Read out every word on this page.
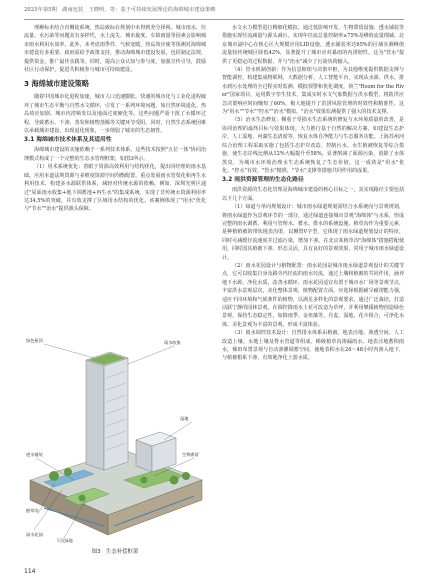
2025年第5期　湖南包装　王晓明，等：基于可持续发展理论的海绵城市建设策略

理褥标末结合直侧徒系统，热岛致标在规划中未得到充分择视。城市雨水、径流量、水污染等问题其有多样性，水土流失、城市旋度、车降雨量等因素会影响城市雨水利用水效率。此外，未考虑雨季件、气候变暖，热岛效应使等预测对海绵城市建设有多重要。政府需给予政策支持，推动海绵城市建设发展，包括制定法规，提供资金，推广最佳实践等。同时，提高公众认知与参与度，加强宣传引导，鼓励社区行动保护，促进共积极参与城市可持续建设。

3 海绵城市建设策略

随着中国城市化进程加速，城市人口迅速膨胀。快速的城市化与工业化进程破坏了城市生态平衡与自然水文循环，引发了一系列环境问题，如自然环境退化、热岛效应加剧、城市内涝频发以及地面过度硬化等。这些问题严重干扰了水循环过程，导致蓄水、下渗、蒸发和植物蒸腾等关键环节受阻。同时，自然生态系统因难以承载城市建设，出现退化现象，一步削弱了城市的生态韧性。

3.1 海绵城市技术体系及其适用性

海绵城市建设的实施依赖于一系列技术体系，这些技术按照"五位一体"协同治理模式构成了一个完整的生态水管理框架，如图3所示。

（1）用术系统优化：着眼于资源高效利用与结构优化，提出同经理的雨水基础。应用本道法规资源与多维度资源空间均衡配置，重点发展雨水管渠化和再生水利用技术，构建多水源联供体系，减轻对传统水源的依赖。例如，深圳光明区通过"屋面雨水收集+地下调蓄池+再生水"的集成系统，实现了非传统水资源利用率达34.5%的突破，并有效支撑了区域用水结构的优化。该案例体现了"用水"优化与"节水""治水"提供源头保障。

水文水力模型进行精细化模拟，通过低影响开发、生物滞留设施、透水铺装等措施实现径流减量与源头减污，实现年径流总量控制率≥75%及峰值流量削减。北京城市副中心在核心区大规模应用LID设施，透水铺装率达65%的区域实测峰值流量较传统城区降低42%，显著提升了城市应对暴雨的内涝韧性。这为"管水"提供了更稳定的过程数据，并与"治水"减少了污染负荷输入。

（4）管水机制创新：作为信息枢纽与决策中枢，为其他维度提供数据支撑与智能调控，构建集成物联网、大数据分析、人工智能平台，实现从水源、供水、排水到污水处理的全过程实时监测、模拟预警和优化调度。荷兰"Room for the River"国家项目，运用数字孪生技术，集成实时水文气象数据与洪水模型，将防洪应急决策响应时间缩短了60%，极大地提升了洪涝风险管理的时效性和精准性。这为"用水""节水""控水""治水"模拟、"治水"效果监测提供了强大的技术支撑。

（5）治水生态修复：侧重于受损水生态系统的修复与水环境质量的改善，是协同治理的最终目标与效果体现。大力推行基于自然的解决方案，如建设生态护岸、人工湿地、河湖生态清淤等，恢复水体自净能力与生态服务功能。上海苏州河综合治理工程采取实施了包括生态护岸改造、控制污水、水生植被恢复等综合措施，使生态岸线比例从12%大幅提升至58%，显著削减了面源污染，消除了水体黑臭，为城市水环境治理水生态系统恢复了生态价值。这一成效是"用水"优化、"控水"有效、"管水"精准、"节水"支撑等措施共同作用的成果。

3.2 雨洪资源管理的生态化路径

雨洪资源的生态化管理是海绵城市建设的核心目标之一，其实现路径主要包括以下几个方面。

（1）绿道与单向规划设计：城市雨水绿道规划需结合水系统向与景观规划，将雨水绿道作为景观环节的一部分，通过绿道连接城市景观"海绵体"与水系，形成完整的雨水调蓄、利用与管理水、蓄水、排水的系统设施。植草沟作为重要元素，是种植植被的带状地表沟渠，以侧置V字型，它体现了雨水绿道规划设计的特征，同时可减缓径流速度并过滤污染，增加下渗。在北京某植草沟"海绵体"措施搭配使用，同时国其植被下渗、形态灵活，具有良好的景观效果，常用于城市雨水绿道设计。

（2）雨水花园设计与植物配置：雨水花园是城市雨水绿道景观设计的关键节点，它可以收集自身及路旁内径流的雨水径流，通过土壤和植被的共同作用，涵养地下水源，净化水质，改善水循环。雨水花园适宜布置于城市水厂场等景观节点，丰富洪水景观层次，美化整体景观，植物配置方面，应选择根据耐旱耐涝能力强，适应不同环境和气候条件的植物，以满足多样化的景观要求，通过广泛栽培，打造活跃宁静的园林景观，在调控降雨水土花可改造为草坪，并利用攀援植物创造绿色景观，保持生态稳定性，如降雨季、金鱼藻等。丹麦、湿地、花卉组合，可净化水体、美化景观为丰富的景观，形成丰富体验。

（3）雨水调控技术设计：自然排水体系由植被、地表洼地、渗透空间、人工改造上壤、水地上壤及脊水管道等组成。梯级植草沟渗漏雨水、地表洼地蓄积雨水，梯田布置景观与自动渗灌调蓄空间，使地表积水在24～48小时内渗入地下，与植被根系下渗，有效地净化上游水质。

绿色屋顶	雨水收集
透水铺装	生物滞留
植草沟
雨水花园
下沉绿地
湿地
图3　生态补偿框架
114
